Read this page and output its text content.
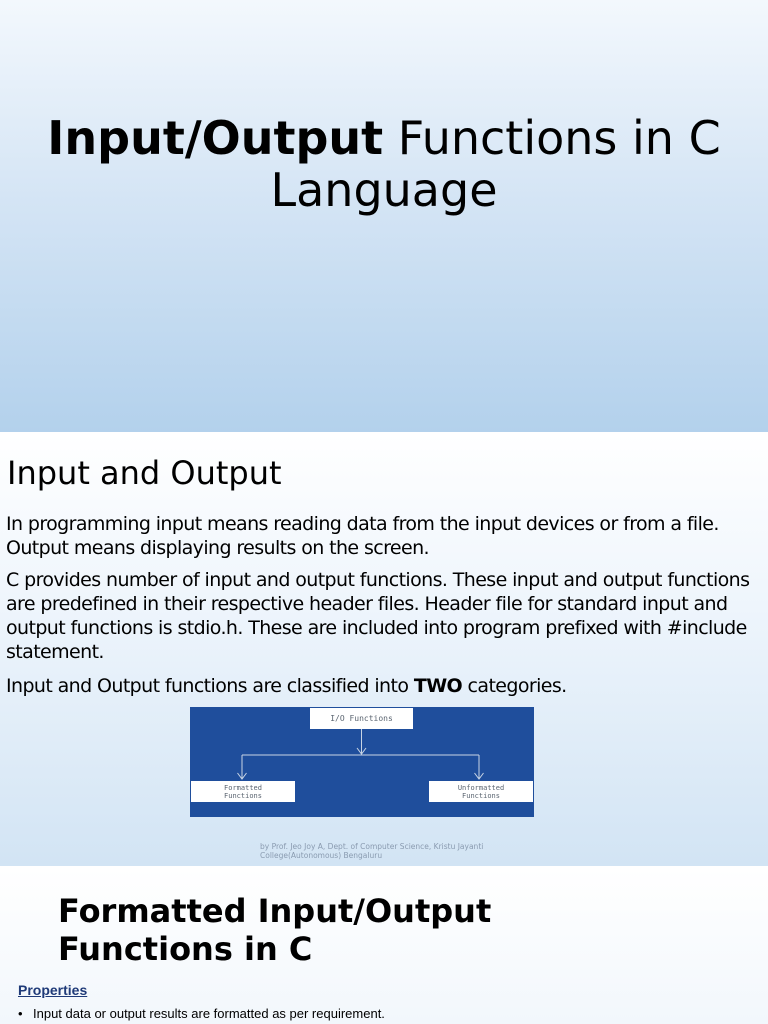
Input/Output Functions in C
Language
Input and Output
In programming input means reading data from the input devices or from a file. Output means displaying results on the screen.
C provides number of input and output functions. These input and output functions are predefined in their respective header files. Header file for standard input and output functions is stdio.h. These are included into program prefixed with #include statement.
Input and Output functions are classified into TWO categories.
I/O Functions
Formatted
Functions
Unformatted
Functions
by Prof. Jeo Joy A, Dept. of Computer Science, Kristu Jayanti College(Autonomous) Bengaluru
Formatted Input/Output
Functions in C
Properties
• Input data or output results are formatted as per requirement.
